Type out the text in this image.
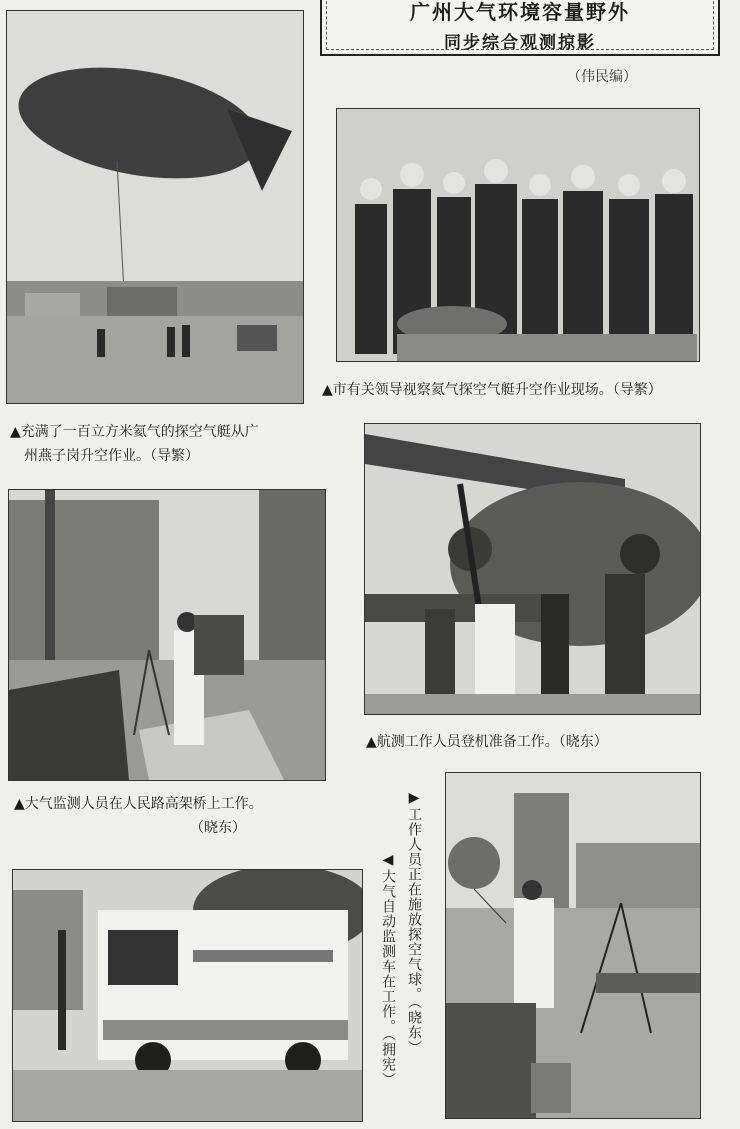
广州大气环境容量野外
同步综合观测掠影
（伟民编）
▲充满了一百立方米氦气的探空气艇从广
州燕子岗升空作业。（导繁）
▲市有关领导视察氦气探空气艇升空作业现场。（导繁）
▲航测工作人员登机准备工作。（晓东）
▲大气监测人员在人民路高架桥上工作。
（晓东）	▶工作人员正在施放探空气球。（晓东）
◀大气自动监测车在工作。（拥宪）
